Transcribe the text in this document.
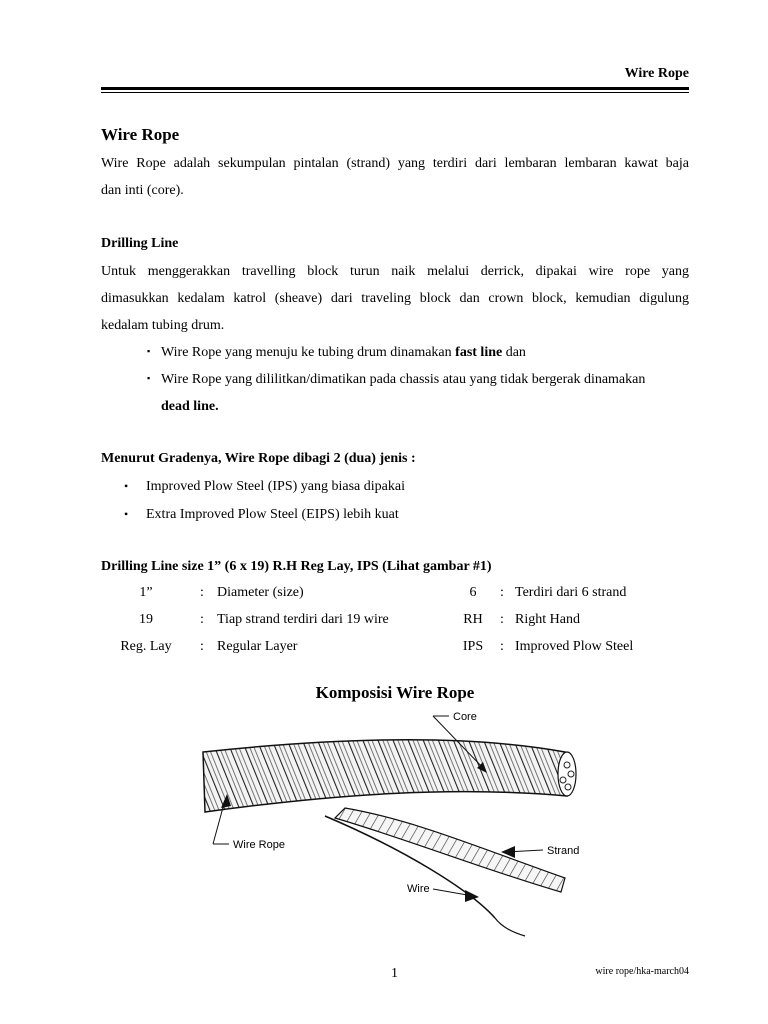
Wire Rope
Wire Rope
Wire Rope adalah sekumpulan pintalan (strand) yang terdiri dari lembaran lembaran kawat baja
dan inti (core).
Drilling Line
Untuk menggerakkan travelling block turun naik melalui derrick, dipakai wire rope yang
dimasukkan kedalam katrol (sheave) dari traveling block dan crown block, kemudian digulung
kedalam tubing drum.
▪ Wire Rope yang menuju ke tubing drum dinamakan fast line dan
▪ Wire Rope yang dililitkan/dimatikan pada chassis atau yang tidak bergerak dinamakan
dead line.
Menurut Gradenya, Wire Rope dibagi 2 (dua) jenis :
• Improved Plow Steel (IPS) yang biasa dipakai
• Extra Improved Plow Steel (EIPS) lebih kuat
Drilling Line size 1” (6 x 19) R.H Reg Lay, IPS (Lihat gambar #1)
1”	: Diameter (size)	6	: Terdiri dari 6 strand
19	: Tiap strand terdiri dari 19 wire	RH	: Right Hand
Reg. Lay	: Regular Layer	IPS	: Improved Plow Steel
Komposisi Wire Rope
Core
Wire Rope	Strand
Wire
1	wire rope/hka-march04
